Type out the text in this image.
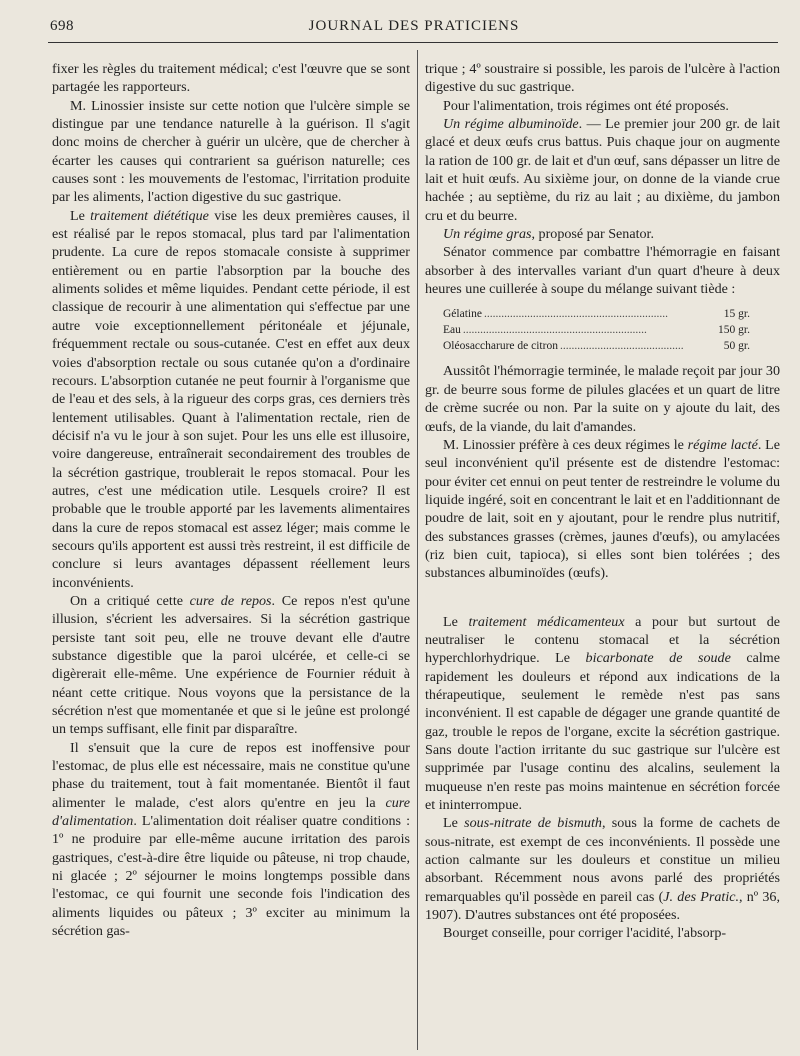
698	JOURNAL DES PRATICIENS

fixer les règles du traitement médical; c'est l'œuvre que se sont partagée les rapporteurs.

M. Linossier insiste sur cette notion que l'ulcère simple se distingue par une tendance naturelle à la guérison. Il s'agit donc moins de chercher à guérir un ulcère, que de chercher à écarter les causes qui contrarient sa guérison naturelle; ces causes sont : les mouvements de l'estomac, l'irritation produite par les aliments, l'action digestive du suc gastrique.

Le traitement diététique vise les deux premières causes, il est réalisé par le repos stomacal, plus tard par l'alimentation prudente. La cure de repos stomacale consiste à supprimer entièrement ou en partie l'absorption par la bouche des aliments solides et même liquides. Pendant cette période, il est classique de recourir à une alimentation qui s'effectue par une autre voie exceptionnellement péritonéale et jéjunale, fréquemment rectale ou sous-cutanée. C'est en effet aux deux voies d'absorption rectale ou sous cutanée qu'on a d'ordinaire recours. L'absorption cutanée ne peut fournir à l'organisme que de l'eau et des sels, à la rigueur des corps gras, ces derniers très lentement utilisables. Quant à l'alimentation rectale, rien de décisif n'a vu le jour à son sujet. Pour les uns elle est illusoire, voire dangereuse, entraînerait secondairement des troubles de la sécrétion gastrique, troublerait le repos stomacal. Pour les autres, c'est une médication utile. Lesquels croire? Il est probable que le trouble apporté par les lavements alimentaires dans la cure de repos stomacal est assez léger; mais comme le secours qu'ils apportent est aussi très restreint, il est difficile de conclure si leurs avantages dépassent réellement leurs inconvénients.

On a critiqué cette cure de repos. Ce repos n'est qu'une illusion, s'écrient les adversaires. Si la sécrétion gastrique persiste tant soit peu, elle ne trouve devant elle d'autre substance digestible que la paroi ulcérée, et celle-ci se digèrerait elle-même. Une expérience de Fournier réduit à néant cette critique. Nous voyons que la persistance de la sécrétion n'est que momentanée et que si le jeûne est prolongé un temps suffisant, elle finit par disparaître.

Il s'ensuit que la cure de repos est inoffensive pour l'estomac, de plus elle est nécessaire, mais ne constitue qu'une phase du traitement, tout à fait momentanée. Bientôt il faut alimenter le malade, c'est alors qu'entre en jeu la cure d'alimentation. L'alimentation doit réaliser quatre conditions : 1º ne produire par elle-même aucune irritation des parois gastriques, c'est-à-dire être liquide ou pâteuse, ni trop chaude, ni glacée ; 2º séjourner le moins longtemps possible dans l'estomac, ce qui fournit une seconde fois l'indication des aliments liquides ou pâteux ; 3º exciter au minimum la sécrétion gas-

trique ; 4º soustraire si possible, les parois de l'ulcère à l'action digestive du suc gastrique.

Pour l'alimentation, trois régimes ont été proposés.

Un régime albuminoïde. — Le premier jour 200 gr. de lait glacé et deux œufs crus battus. Puis chaque jour on augmente la ration de 100 gr. de lait et d'un œuf, sans dépasser un litre de lait et huit œufs. Au sixième jour, on donne de la viande crue hachée ; au septième, du riz au lait ; au dixième, du jambon cru et du beurre.

Un régime gras, proposé par Senator.

Sénator commence par combattre l'hémorragie en faisant absorber à des intervalles variant d'un quart d'heure à deux heures une cuillerée à soupe du mélange suivant tiède :

Gélatine .....	15 gr.
Eau .....	150 gr.
Oléosaccharure de citron .....	50 gr.

Aussitôt l'hémorragie terminée, le malade reçoit par jour 30 gr. de beurre sous forme de pilules glacées et un quart de litre de crème sucrée ou non. Par la suite on y ajoute du lait, des œufs, de la viande, du lait d'amandes.

M. Linossier préfère à ces deux régimes le régime lacté. Le seul inconvénient qu'il présente est de distendre l'estomac: pour éviter cet ennui on peut tenter de restreindre le volume du liquide ingéré, soit en concentrant le lait et en l'additionnant de poudre de lait, soit en y ajoutant, pour le rendre plus nutritif, des substances grasses (crèmes, jaunes d'œufs), ou amylacées (riz bien cuit, tapioca), si elles sont bien tolérées ; des substances albuminoïdes (œufs).

Le traitement médicamenteux a pour but surtout de neutraliser le contenu stomacal et la sécrétion hyperchlorhydrique. Le bicarbonate de soude calme rapidement les douleurs et répond aux indications de la thérapeutique, seulement le remède n'est pas sans inconvénient. Il est capable de dégager une grande quantité de gaz, trouble le repos de l'organe, excite la sécrétion gastrique. Sans doute l'action irritante du suc gastrique sur l'ulcère est supprimée par l'usage continu des alcalins, seulement la muqueuse n'en reste pas moins maintenue en sécrétion forcée et ininterrompue.

Le sous-nitrate de bismuth, sous la forme de cachets de sous-nitrate, est exempt de ces inconvénients. Il possède une action calmante sur les douleurs et constitue un milieu absorbant. Récemment nous avons parlé des propriétés remarquables qu'il possède en pareil cas (J. des Pratic., nº 36, 1907). D'autres substances ont été proposées.

Bourget conseille, pour corriger l'acidité, l'absorp-
